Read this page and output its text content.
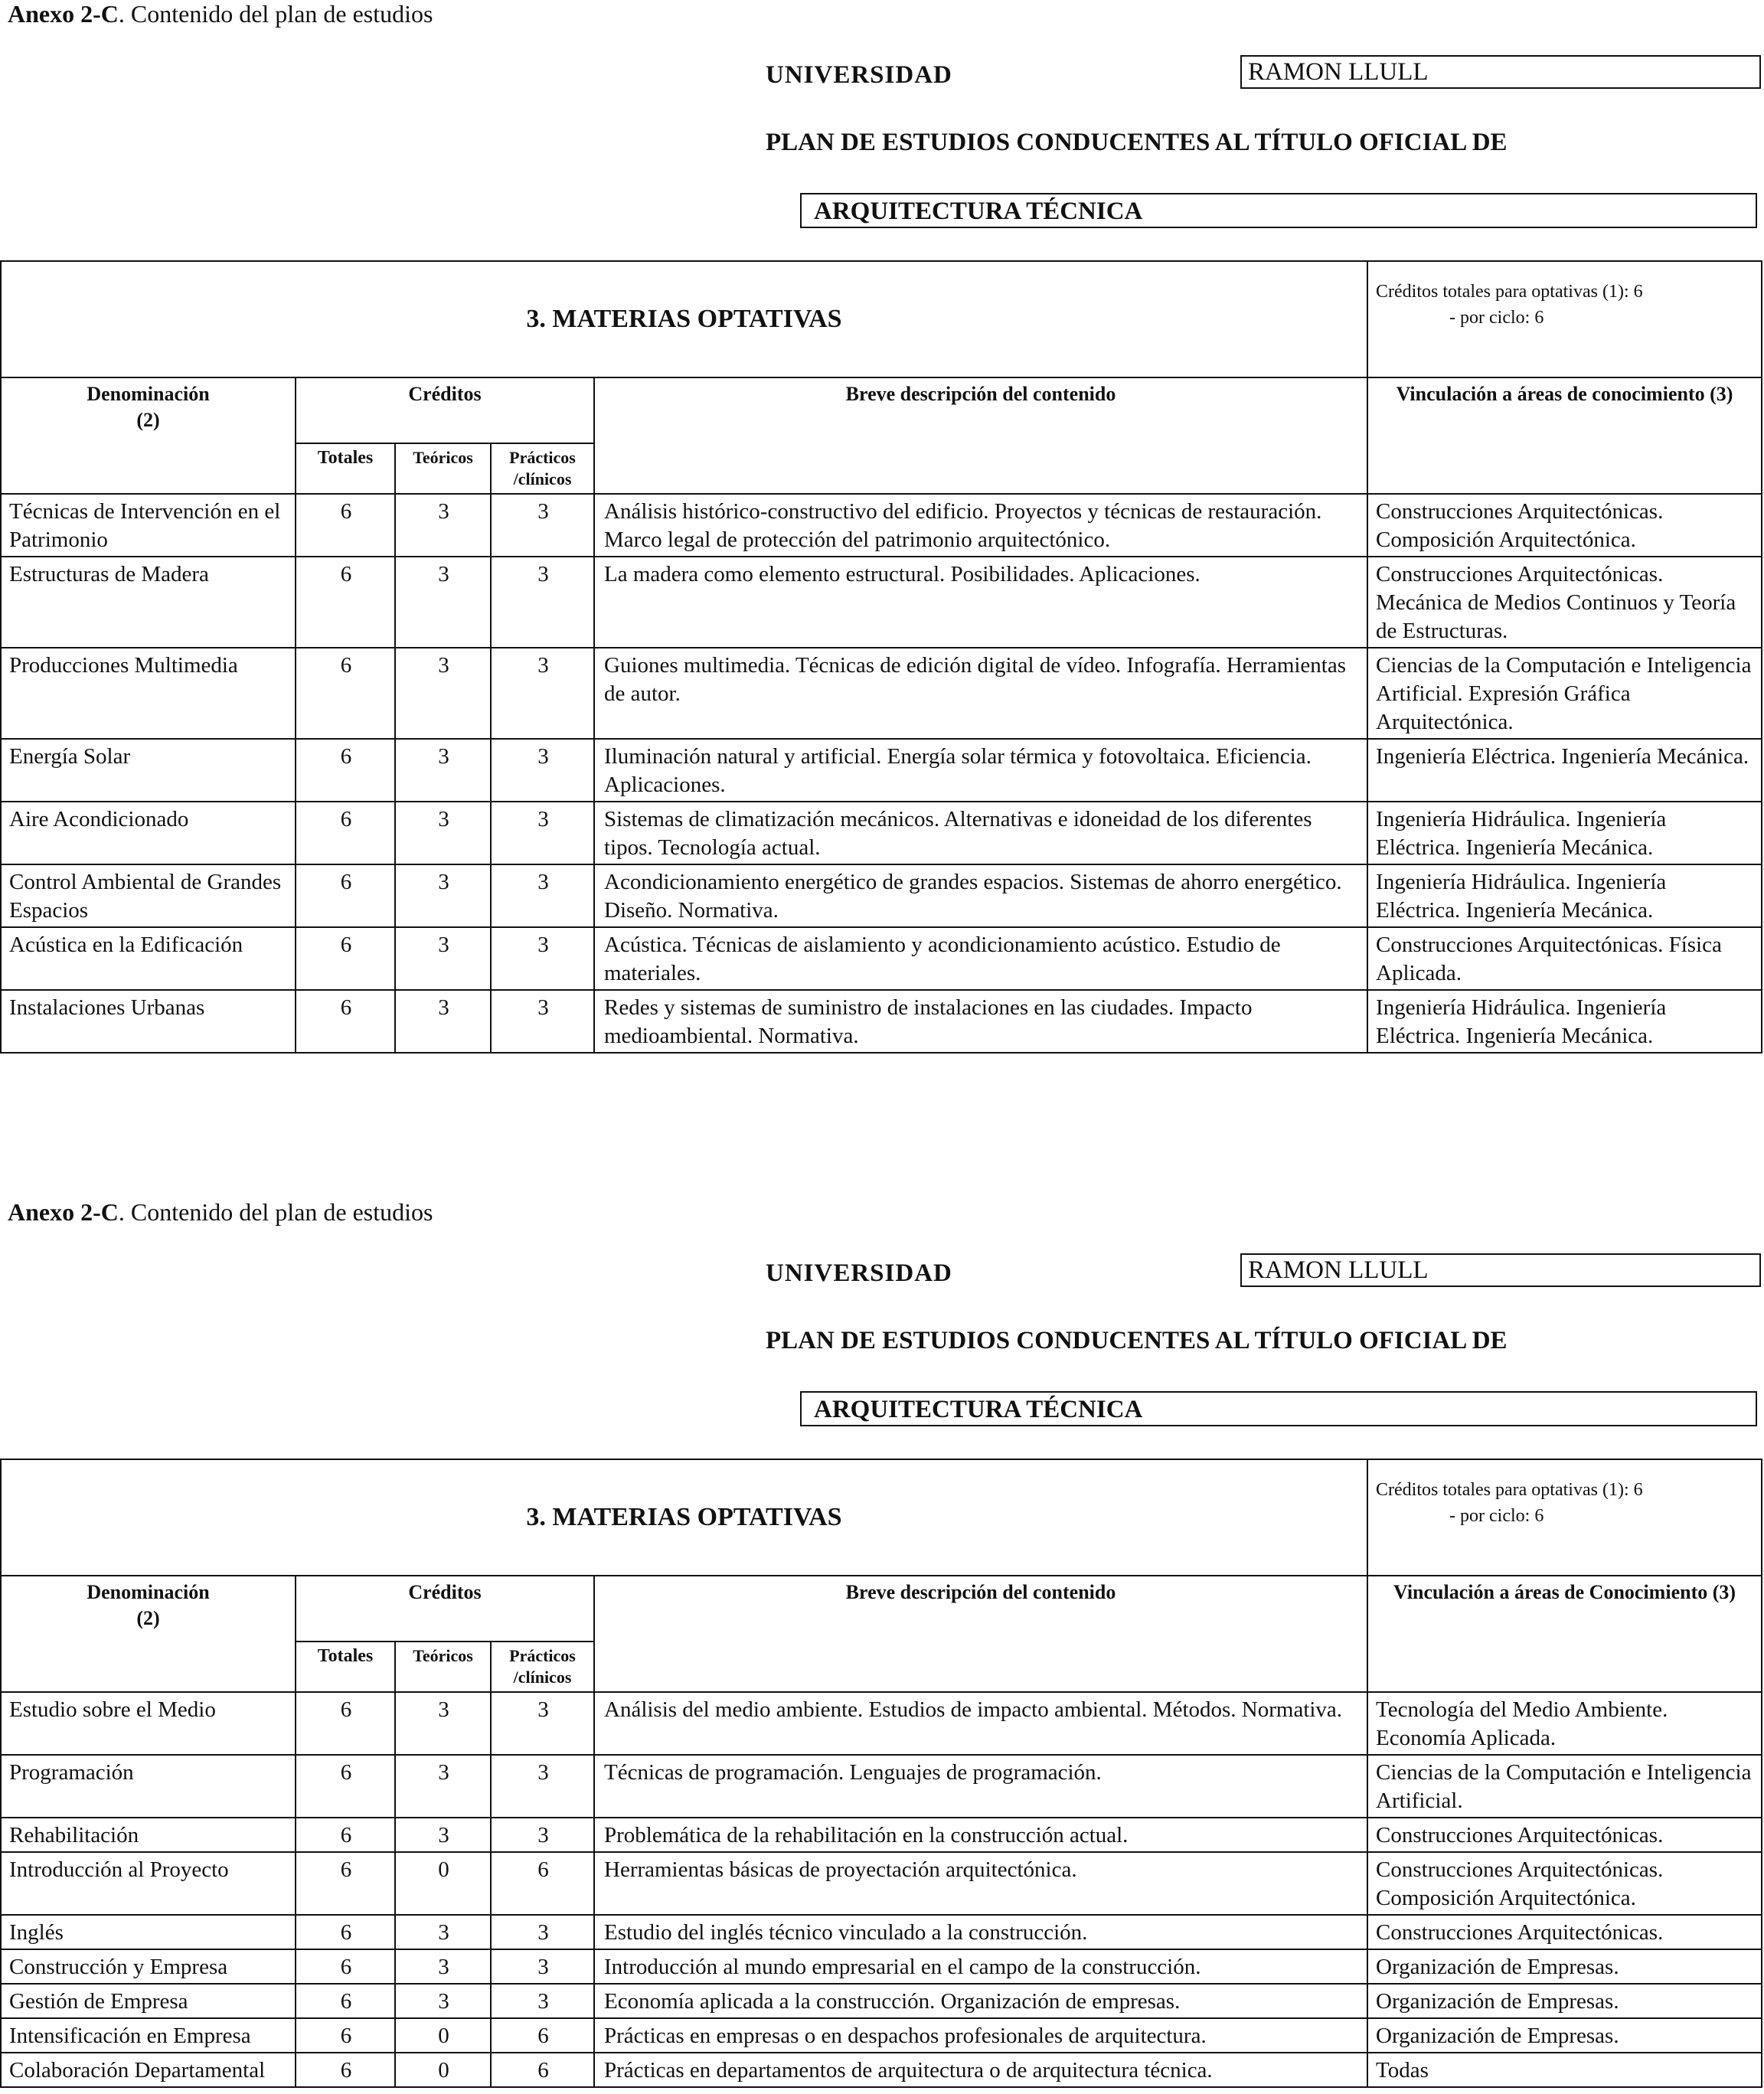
Anexo 2-C. Contenido del plan de estudios
UNIVERSIDAD	RAMON LLULL
PLAN DE ESTUDIOS CONDUCENTES AL TÍTULO OFICIAL DE
ARQUITECTURA TÉCNICA
3. MATERIAS OPTATIVAS					Créditos totales para optativas (1): 6
- por ciclo: 6

Denominación
(2)	Créditos			Breve descripción del contenido	Vinculación a áreas de conocimiento (3)
	Totales	Teóricos	Prácticos /clínicos		
Técnicas de Intervención en el Patrimonio	6	3	3	Análisis histórico-constructivo del edificio. Proyectos y técnicas de restauración. Marco legal de protección del patrimonio arquitectónico.	Construcciones Arquitectónicas. Composición Arquitectónica.
Estructuras de Madera	6	3	3	La madera como elemento estructural. Posibilidades. Aplicaciones.	Construcciones Arquitectónicas. Mecánica de Medios Continuos y Teoría de Estructuras.
Producciones Multimedia	6	3	3	Guiones multimedia. Técnicas de edición digital de vídeo. Infografía. Herramientas de autor.	Ciencias de la Computación e Inteligencia Artificial. Expresión Gráfica Arquitectónica.
Energía Solar	6	3	3	Iluminación natural y artificial. Energía solar térmica y fotovoltaica. Eficiencia. Aplicaciones.	Ingeniería Eléctrica. Ingeniería Mecánica.
Aire Acondicionado	6	3	3	Sistemas de climatización mecánicos. Alternativas e idoneidad de los diferentes tipos. Tecnología actual.	Ingeniería Hidráulica. Ingeniería Eléctrica. Ingeniería Mecánica.
Control Ambiental de Grandes Espacios	6	3	3	Acondicionamiento energético de grandes espacios. Sistemas de ahorro energético. Diseño. Normativa.	Ingeniería Hidráulica. Ingeniería Eléctrica. Ingeniería Mecánica.
Acústica en la Edificación	6	3	3	Acústica. Técnicas de aislamiento y acondicionamiento acústico. Estudio de materiales.	Construcciones Arquitectónicas. Física Aplicada.
Instalaciones Urbanas	6	3	3	Redes y sistemas de suministro de instalaciones en las ciudades. Impacto medioambiental. Normativa.	Ingeniería Hidráulica. Ingeniería Eléctrica. Ingeniería Mecánica.
Anexo 2-C. Contenido del plan de estudios
UNIVERSIDAD	RAMON LLULL
PLAN DE ESTUDIOS CONDUCENTES AL TÍTULO OFICIAL DE
ARQUITECTURA TÉCNICA
3. MATERIAS OPTATIVAS					Créditos totales para optativas (1): 6
- por ciclo: 6

Denominación
(2)	Créditos			Breve descripción del contenido	Vinculación a áreas de Conocimiento (3)
	Totales	Teóricos	Prácticos /clínicos		
Estudio sobre el Medio	6	3	3	Análisis del medio ambiente. Estudios de impacto ambiental. Métodos. Normativa.	Tecnología del Medio Ambiente. Economía Aplicada.
Programación	6	3	3	Técnicas de programación. Lenguajes de programación.	Ciencias de la Computación e Inteligencia Artificial.
Rehabilitación	6	3	3	Problemática de la rehabilitación en la construcción actual.	Construcciones Arquitectónicas.
Introducción al Proyecto	6	0	6	Herramientas básicas de proyectación arquitectónica.	Construcciones Arquitectónicas. Composición Arquitectónica.
Inglés	6	3	3	Estudio del inglés técnico vinculado a la construcción.	Construcciones Arquitectónicas.
Construcción y Empresa	6	3	3	Introducción al mundo empresarial en el campo de la construcción.	Organización de Empresas.
Gestión de Empresa	6	3	3	Economía aplicada a la construcción. Organización de empresas.	Organización de Empresas.
Intensificación en Empresa	6	0	6	Prácticas en empresas o en despachos profesionales de arquitectura.	Organización de Empresas.
Colaboración Departamental	6	0	6	Prácticas en departamentos de arquitectura o de arquitectura técnica.	Todas
